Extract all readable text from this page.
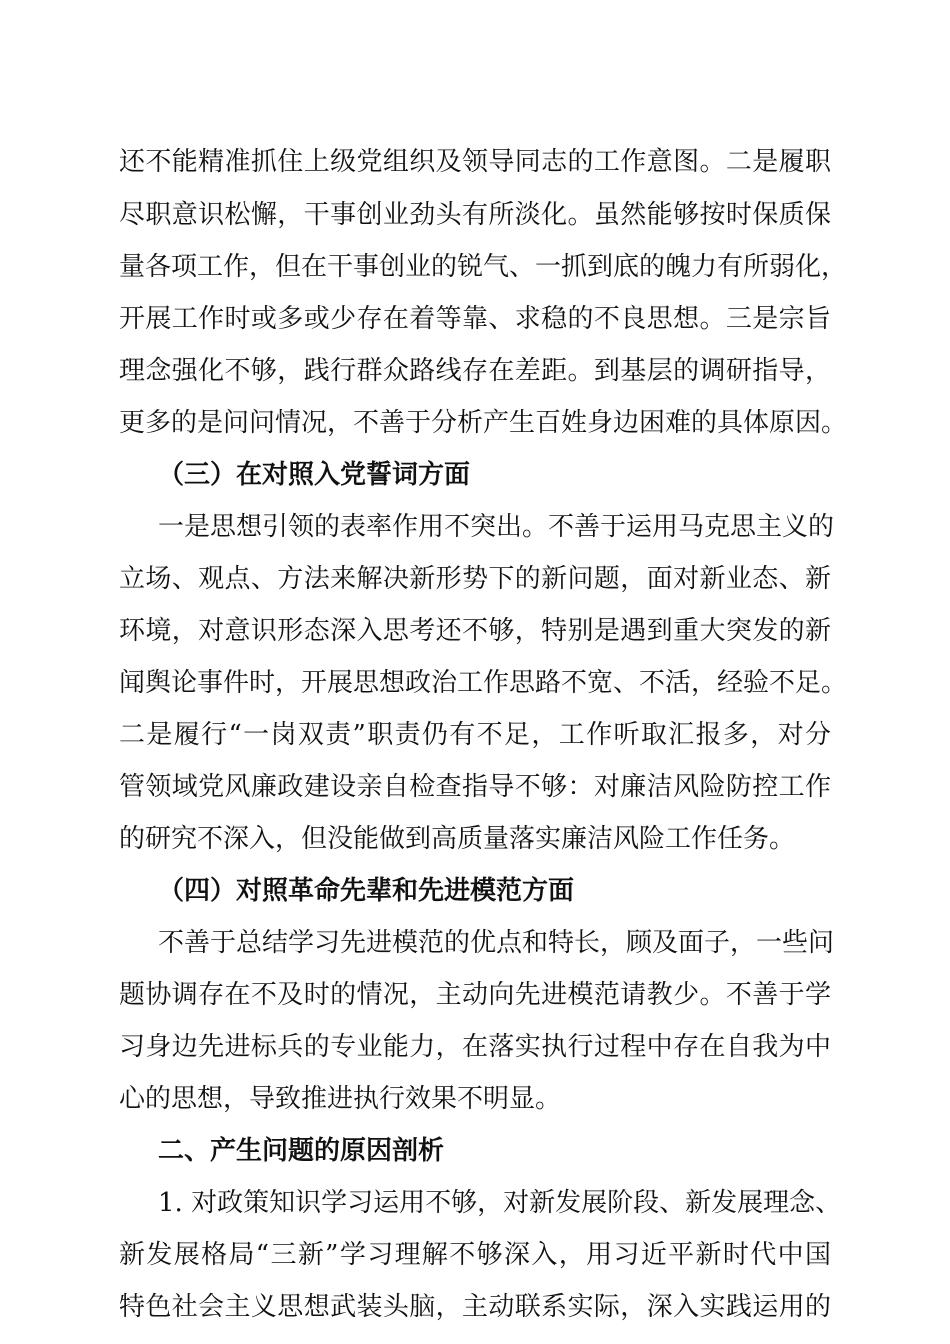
还不能精准抓住上级党组织及领导同志的工作意图。二是履职
尽职意识松懈，干事创业劲头有所淡化。虽然能够按时保质保
量各项工作，但在干事创业的锐气、一抓到底的魄力有所弱化，
开展工作时或多或少存在着等靠、求稳的不良思想。三是宗旨
理念强化不够，践行群众路线存在差距。到基层的调研指导，
更多的是问问情况，不善于分析产生百姓身边困难的具体原因。
（三）在对照入党誓词方面
一是思想引领的表率作用不突出。不善于运用马克思主义的
立场、观点、方法来解决新形势下的新问题，面对新业态、新
环境，对意识形态深入思考还不够，特别是遇到重大突发的新
闻舆论事件时，开展思想政治工作思路不宽、不活，经验不足。
二是履行“一岗双责”职责仍有不足，工作听取汇报多，对分
管领域党风廉政建设亲自检查指导不够：对廉洁风险防控工作
的研究不深入，但没能做到高质量落实廉洁风险工作任务。
（四）对照革命先辈和先进模范方面
不善于总结学习先进模范的优点和特长，顾及面子，一些问
题协调存在不及时的情况，主动向先进模范请教少。不善于学
习身边先进标兵的专业能力，在落实执行过程中存在自我为中
心的思想，导致推进执行效果不明显。
二、产生问题的原因剖析
1. 对政策知识学习运用不够，对新发展阶段、新发展理念、
新发展格局“三新”学习理解不够深入，用习近平新时代中国
特色社会主义思想武装头脑，主动联系实际，深入实践运用的
